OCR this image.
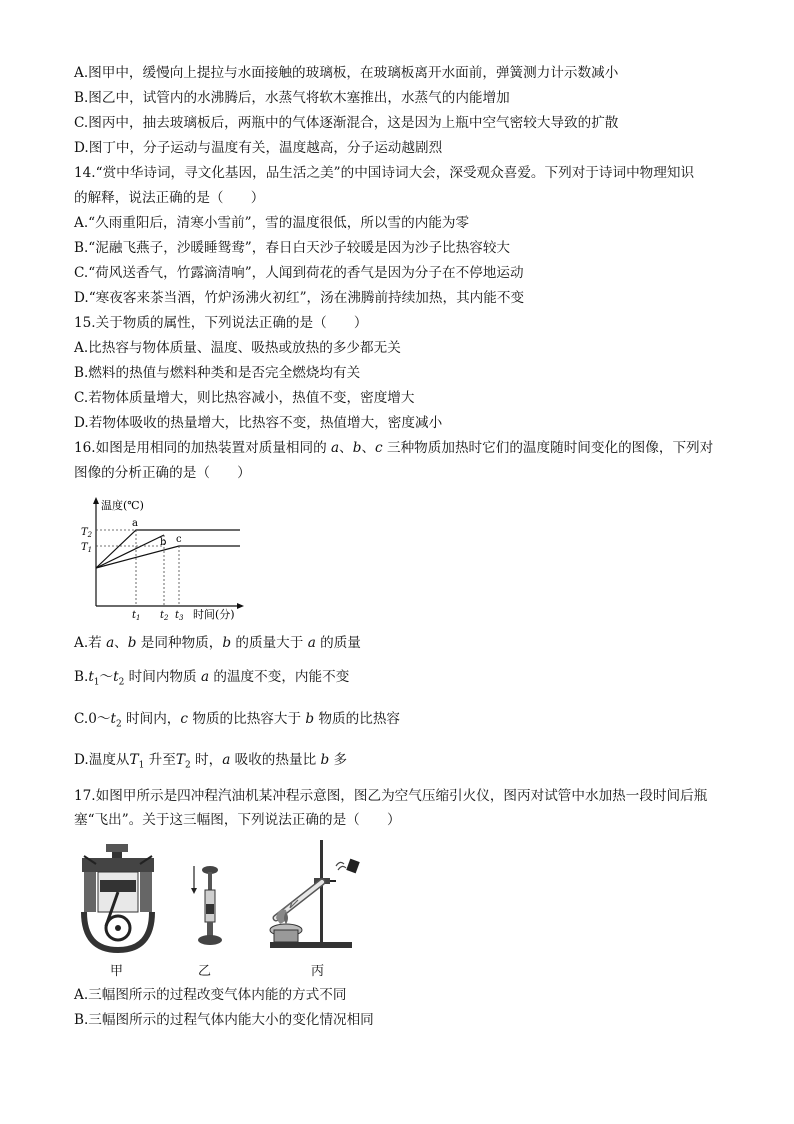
A.图甲中，缓慢向上提拉与水面接触的玻璃板，在玻璃板离开水面前，弹簧测力计示数减小
B.图乙中，试管内的水沸腾后，水蒸气将软木塞推出，水蒸气的内能增加
C.图丙中，抽去玻璃板后，两瓶中的气体逐渐混合，这是因为上瓶中空气密较大导致的扩散
D.图丁中，分子运动与温度有关，温度越高，分子运动越剧烈
14.“赏中华诗词，寻文化基因，品生活之美”的中国诗词大会，深受观众喜爱。下列对于诗词中物理知识
的解释，说法正确的是（　　）
A.“久雨重阳后，清寒小雪前”，雪的温度很低，所以雪的内能为零
B.“泥融飞燕子，沙暖睡鸳鸯”，春日白天沙子较暖是因为沙子比热容较大
C.“荷风送香气，竹露滴清响”，人闻到荷花的香气是因为分子在不停地运动
D.“寒夜客来茶当酒，竹炉汤沸火初红”，汤在沸腾前持续加热，其内能不变
15.关于物质的属性，下列说法正确的是（　　）
A.比热容与物体质量、温度、吸热或放热的多少都无关
B.燃料的热值与燃料种类和是否完全燃烧均有关
C.若物体质量增大，则比热容减小，热值不变，密度增大
D.若物体吸收的热量增大，比热容不变，热值增大，密度减小
16.如图是用相同的加热装置对质量相同的 a、b、c 三种物质加热时它们的温度随时间变化的图像，下列对
图像的分析正确的是（　　）
温度(℃)
$T_2$
$T_1$
a
b c
$t_1$ $t_2$ $t_3$ 时间(分)
A.若 a、b 是同种物质，b 的质量大于 a 的质量
$B.t_1\sim t_2$ 时间内物质 a 的温度不变，内能不变
$C.0\sim t_2$ 时间内，c 物质的比热容大于 b 物质的比热容
D.温度从$T_1$ 升至$T_2$ 时，a 吸收的热量比 b 多
17.如图甲所示是四冲程汽油机某冲程示意图，图乙为空气压缩引火仪，图丙对试管中水加热一段时间后瓶
塞“飞出”。关于这三幅图，下列说法正确的是（　　）
甲	乙	丙
A.三幅图所示的过程改变气体内能的方式不同
B.三幅图所示的过程气体内能大小的变化情况相同
